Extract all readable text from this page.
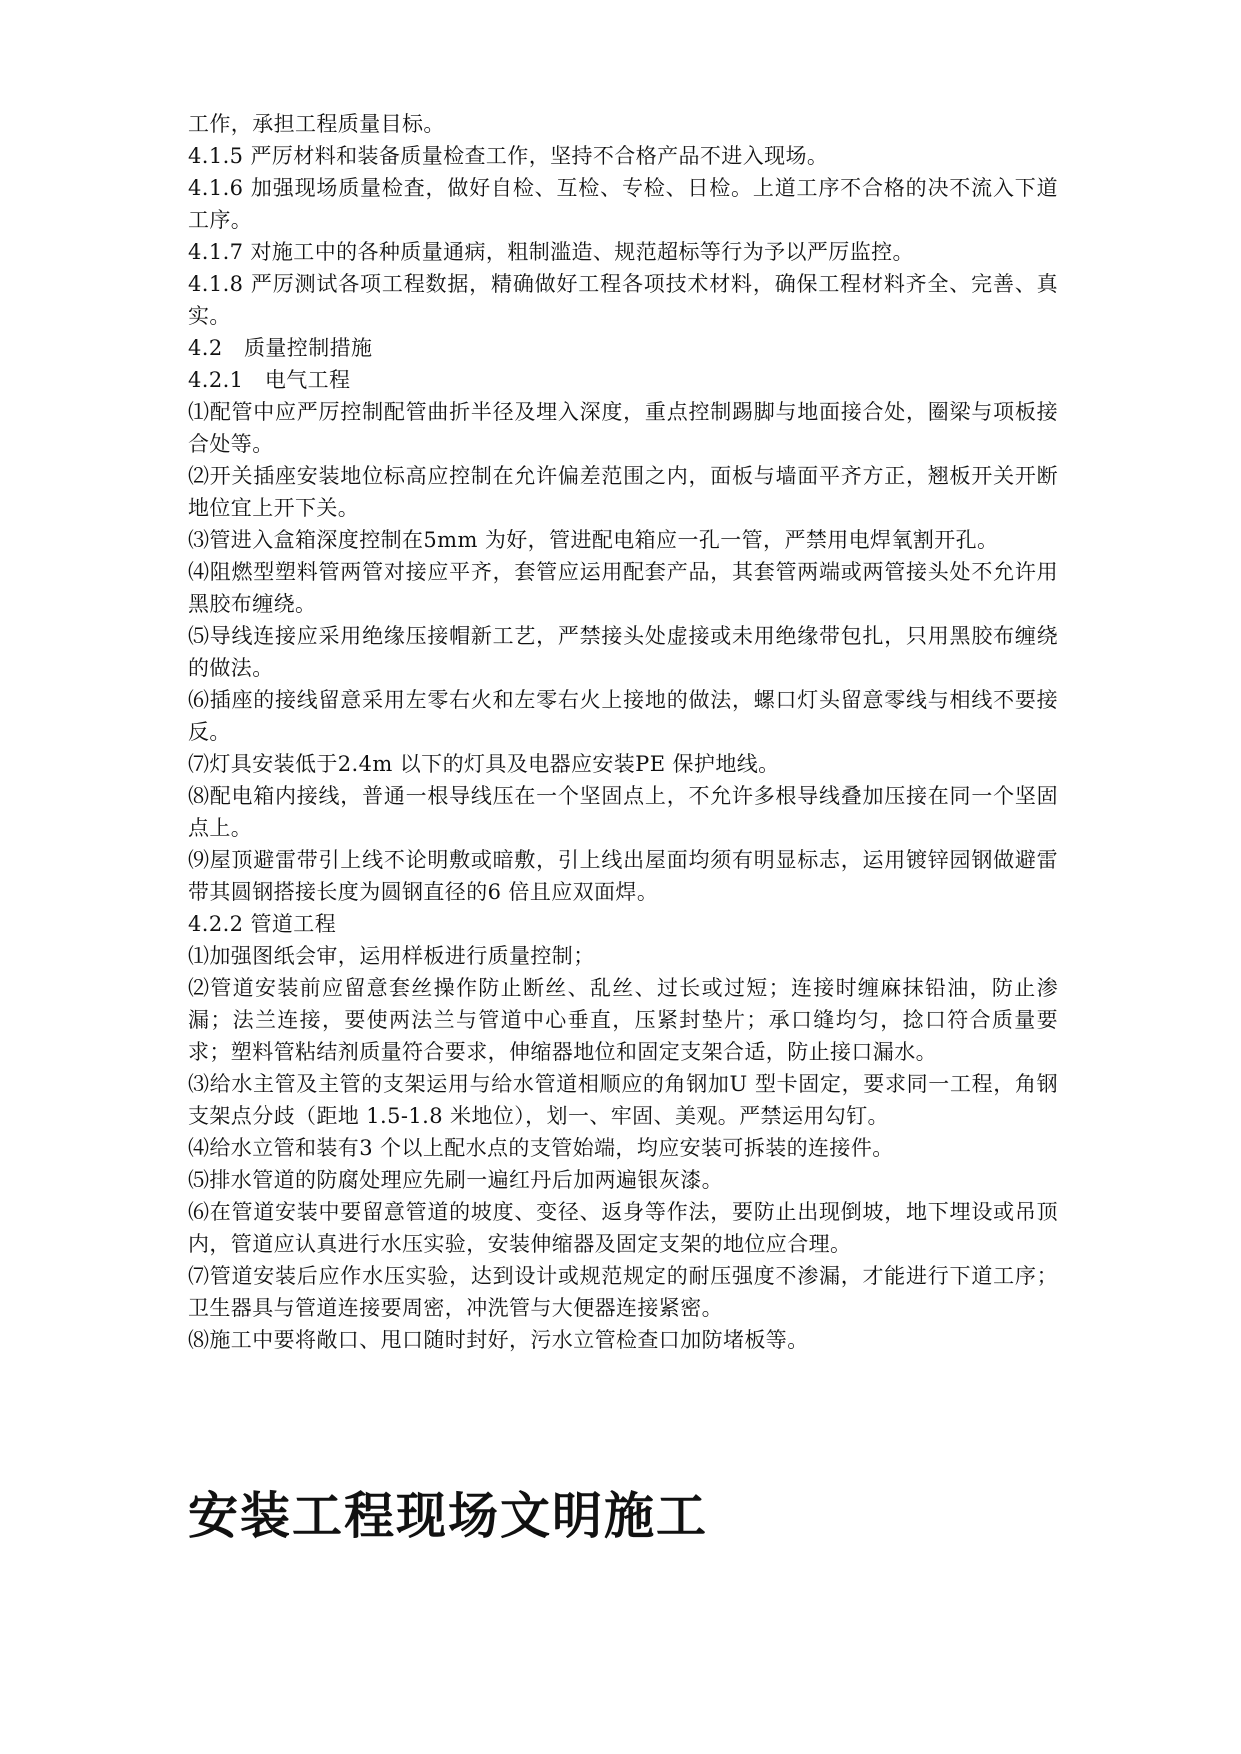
工作，承担工程质量目标。

4.1.5 严厉材料和装备质量检查工作，坚持不合格产品不进入现场。

4.1.6 加强现场质量检査，做好自检、互检、专检、日检。上道工序不合格的决不流入下道工序。

4.1.7 对施工中的各种质量通病，粗制滥造、规范超标等行为予以严厉监控。

4.1.8 严厉测试各项工程数据，精确做好工程各项技术材料，确保工程材料齐全、完善、真实。

4.2　质量控制措施

4.2.1　电气工程

⑴配管中应严厉控制配管曲折半径及埋入深度，重点控制踢脚与地面接合处，圈梁与项板接合处等。

⑵开关插座安装地位标高应控制在允许偏差范围之内，面板与墙面平齐方正，翘板开关开断地位宜上开下关。

⑶管进入盒箱深度控制在5mm 为好，管进配电箱应一孔一管，严禁用电焊氧割开孔。

⑷阻燃型塑料管两管对接应平齐，套管应运用配套产品，其套管两端或两管接头处不允许用黑胶布缠绕。

⑸导线连接应采用绝缘压接帽新工艺，严禁接头处虚接或未用绝缘带包扎，只用黑胶布缠绕的做法。

⑹插座的接线留意采用左零右火和左零右火上接地的做法，螺口灯头留意零线与相线不要接反。

⑺灯具安装低于2.4m 以下的灯具及电器应安装PE 保护地线。

⑻配电箱内接线，普通一根导线压在一个坚固点上，不允许多根导线叠加压接在同一个坚固点上。

⑼屋顶避雷带引上线不论明敷或暗敷，引上线出屋面均须有明显标志，运用镀锌园钢做避雷带其圆钢搭接长度为圆钢直径的6 倍且应双面焊。

4.2.2 管道工程

⑴加强图纸会审，运用样板进行质量控制；

⑵管道安装前应留意套丝操作防止断丝、乱丝、过长或过短；连接时缠麻抹铅油，防止渗漏；法兰连接，要使两法兰与管道中心垂直，压紧封垫片；承口缝均匀，捻口符合质量要求；塑料管粘结剂质量符合要求，伸缩器地位和固定支架合适，防止接口漏水。

⑶给水主管及主管的支架运用与给水管道相顺应的角钢加U 型卡固定，要求同一工程，角钢支架点分歧（距地 1.5-1.8 米地位），划一、牢固、美观。严禁运用勾钉。

⑷给水立管和装有3 个以上配水点的支管始端，均应安装可拆装的连接件。

⑸排水管道的防腐处理应先刷一遍红丹后加两遍银灰漆。

⑹在管道安装中要留意管道的坡度、变径、返身等作法，要防止出现倒坡，地下埋设或吊顶内，管道应认真进行水压实验，安装伸缩器及固定支架的地位应合理。

⑺管道安装后应作水压实验，达到设计或规范规定的耐压强度不渗漏，才能进行下道工序；卫生器具与管道连接要周密，冲洗管与大便器连接紧密。

⑻施工中要将敞口、甩口随时封好，污水立管检查口加防堵板等。

安装工程现场文明施工
